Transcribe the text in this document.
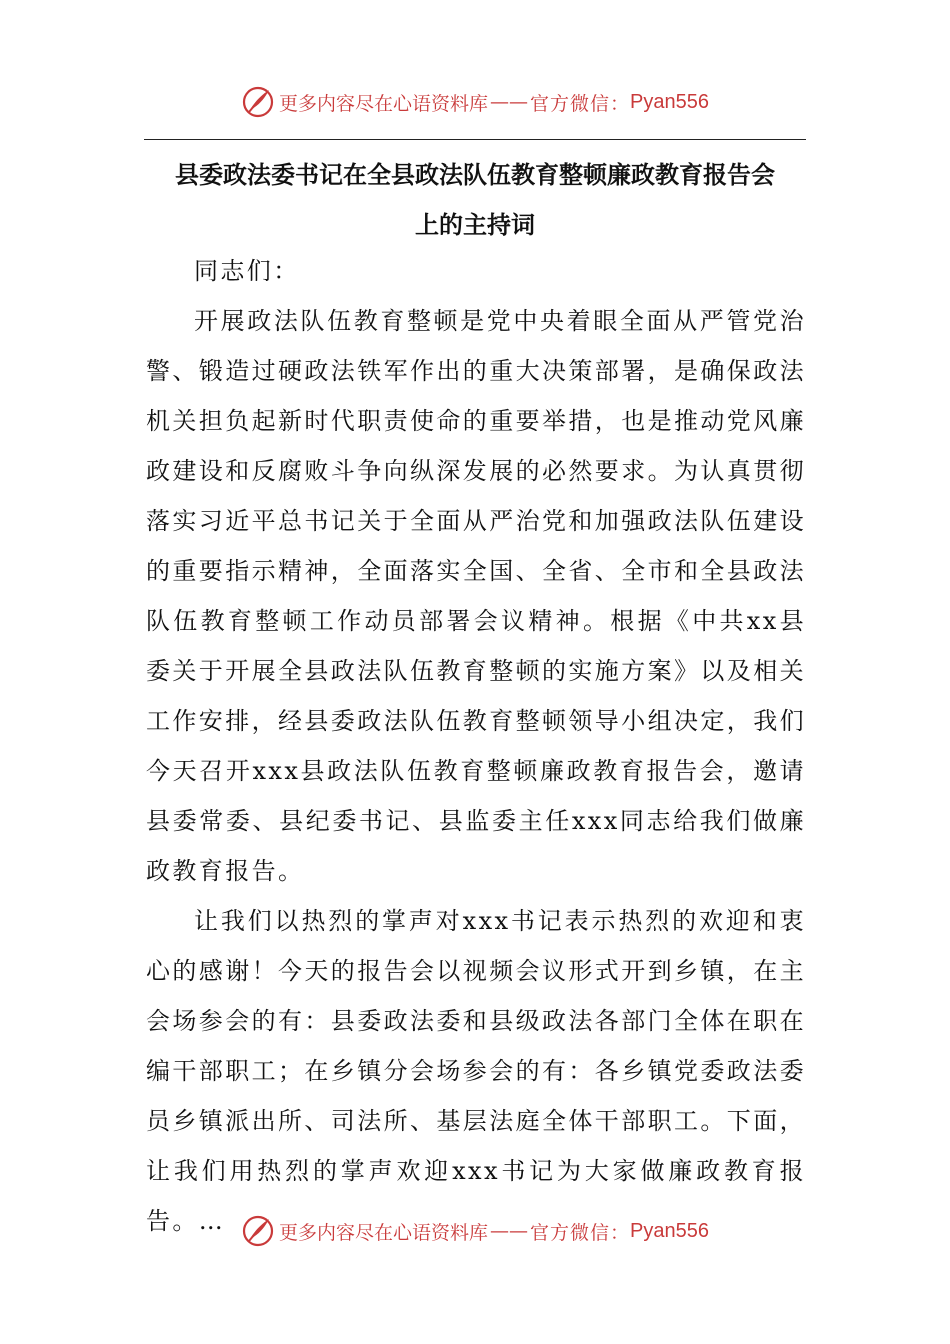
更多内容尽在心语资料库 —— 官方微信： Pyan556
县委政法委书记在全县政法队伍教育整顿廉政教育报告会
上的主持词

同志们：

开展政法队伍教育整顿是党中央着眼全面从严管党治警、锻造过硬政法铁军作出的重大决策部署，是确保政法机关担负起新时代职责使命的重要举措，也是推动党风廉政建设和反腐败斗争向纵深发展的必然要求。为认真贯彻落实习近平总书记关于全面从严治党和加强政法队伍建设的重要指示精神，全面落实全国、全省、全市和全县政法队伍教育整顿工作动员部署会议精神。根据《中共xx县委关于开展全县政法队伍教育整顿的实施方案》以及相关工作安排，经县委政法队伍教育整顿领导小组决定，我们今天召开xxx县政法队伍教育整顿廉政教育报告会，邀请县委常委、县纪委书记、县监委主任xxx同志给我们做廉政教育报告。

让我们以热烈的掌声对xxx书记表示热烈的欢迎和衷心的感谢！今天的报告会以视频会议形式开到乡镇，在主会场参会的有：县委政法委和县级政法各部门全体在职在编干部职工；在乡镇分会场参会的有：各乡镇党委政法委员乡镇派出所、司法所、基层法庭全体干部职工。下面，让我们用热烈的掌声欢迎xxx书记为大家做廉政教育报告。…	更多内容尽在心语资料库 —— 官方微信： Pyan556
